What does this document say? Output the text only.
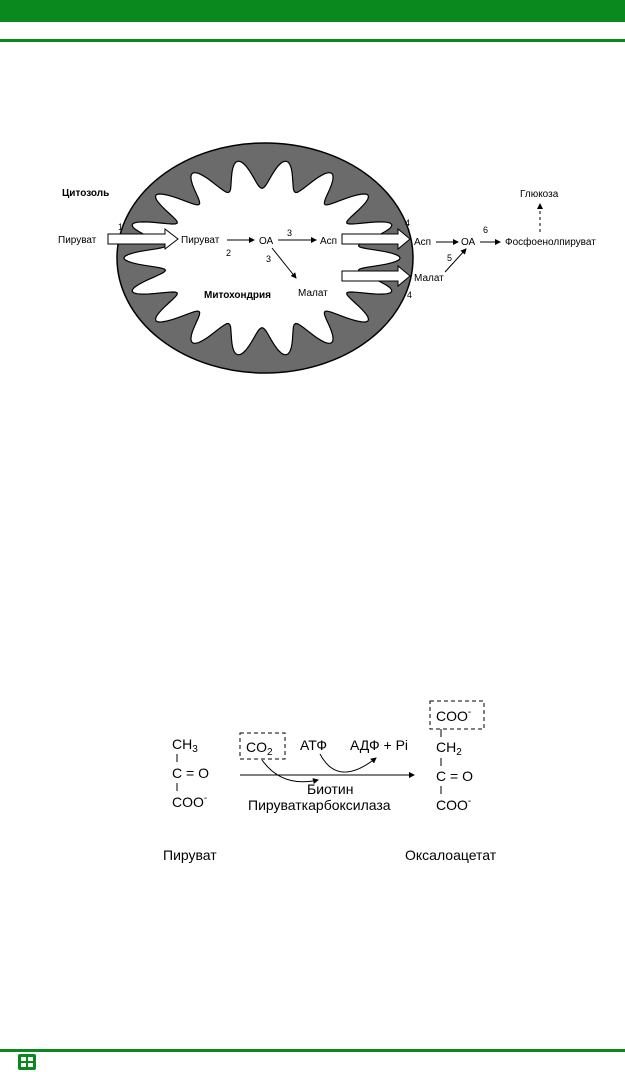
Цитозоль
Митохондрия
Глюкоза
Пируват	Пируват	ОА	Асп
Малат
Асп
Малат
ОА	Фосфоенолпируват
1
2
3
3
4
4
5
6
$CH_3$
C = O
COO-
$CO_2$ АТФ АДФ + Pi
Биотин
Пируваткарбоксилаза
COO-
$CH_2$
C = O
COO-
Пируват	Оксалоацетат
